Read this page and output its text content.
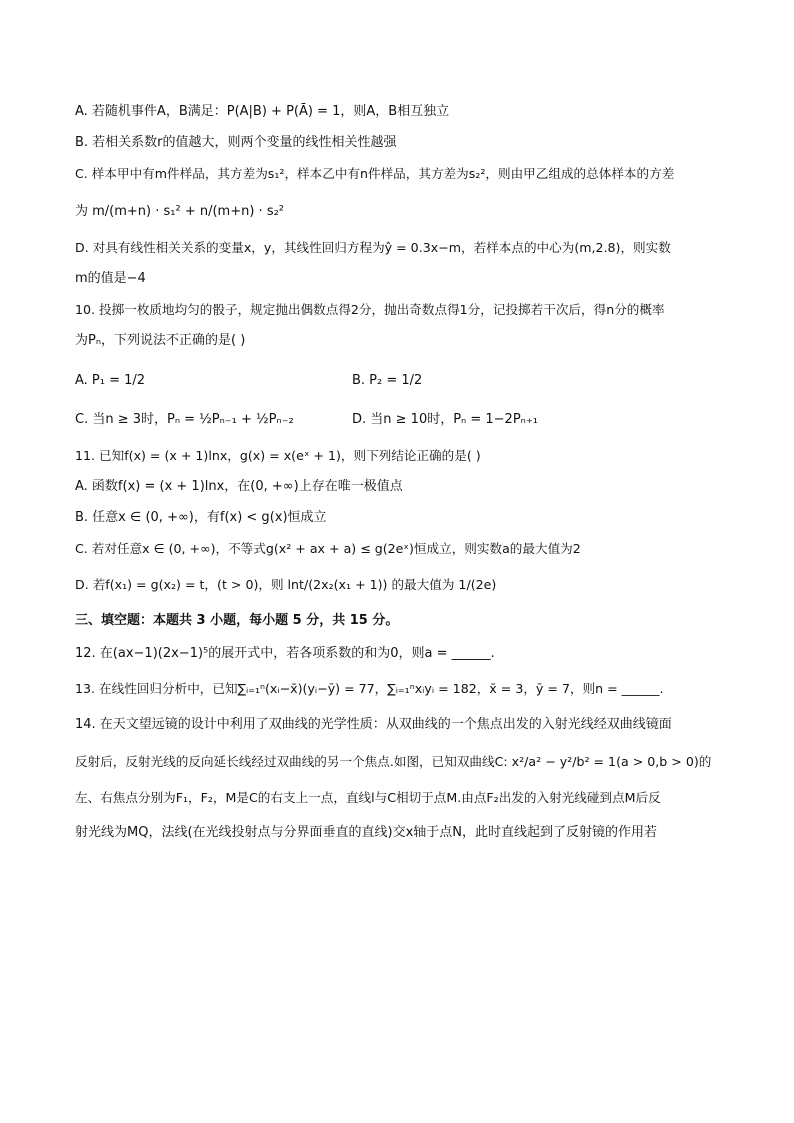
A. 若随机事件A，B满足：P(A|B) + P(Ā) = 1，则A，B相互独立
B. 若相关系数r的值越大，则两个变量的线性相关性越强
C. 样本甲中有m件样品，其方差为s₁²，样本乙中有n件样品，其方差为s₂²，则由甲乙组成的总体样本的方差
为 m/(m+n) · s₁² + n/(m+n) · s₂²
D. 对具有线性相关关系的变量x，y，其线性回归方程为ŷ = 0.3x−m，若样本点的中心为(m,2.8)，则实数
m的值是−4
10. 投掷一枚质地均匀的骰子，规定抛出偶数点得2分，抛出奇数点得1分，记投掷若干次后，得n分的概率
为Pₙ，下列说法不正确的是( )
A. P₁ = 1/2	B. P₂ = 1/2
C. 当n ≥ 3时，Pₙ = ½Pₙ₋₁ + ½Pₙ₋₂	D. 当n ≥ 10时，Pₙ = 1−2Pₙ₊₁
11. 已知f(x) = (x + 1)lnx，g(x) = x(eˣ + 1)，则下列结论正确的是( )
A. 函数f(x) = (x + 1)lnx，在(0, +∞)上存在唯一极值点
B. 任意x ∈ (0, +∞)，有f(x) < g(x)恒成立
C. 若对任意x ∈ (0, +∞)，不等式g(x² + ax + a) ≤ g(2eˣ)恒成立，则实数a的最大值为2
D. 若f(x₁) = g(x₂) = t，(t > 0)，则 lnt/(2x₂(x₁ + 1)) 的最大值为 1/(2e)
三、填空题：本题共 3 小题，每小题 5 分，共 15 分。
12. 在(ax−1)(2x−1)⁵的展开式中，若各项系数的和为0，则a = ______.
13. 在线性回归分析中，已知∑ᵢ₌₁ⁿ(xᵢ−x̄)(yᵢ−ȳ) = 77，∑ᵢ₌₁ⁿxᵢyᵢ = 182，x̄ = 3，ȳ = 7，则n = ______.
14. 在天文望远镜的设计中利用了双曲线的光学性质：从双曲线的一个焦点出发的入射光线经双曲线镜面
反射后，反射光线的反向延长线经过双曲线的另一个焦点.如图，已知双曲线C: x²/a² − y²/b² = 1(a > 0,b > 0)的
左、右焦点分别为F₁，F₂，M是C的右支上一点，直线l与C相切于点M.由点F₂出发的入射光线碰到点M后反
射光线为MQ，法线(在光线投射点与分界面垂直的直线)交x轴于点N，此时直线起到了反射镜的作用若
